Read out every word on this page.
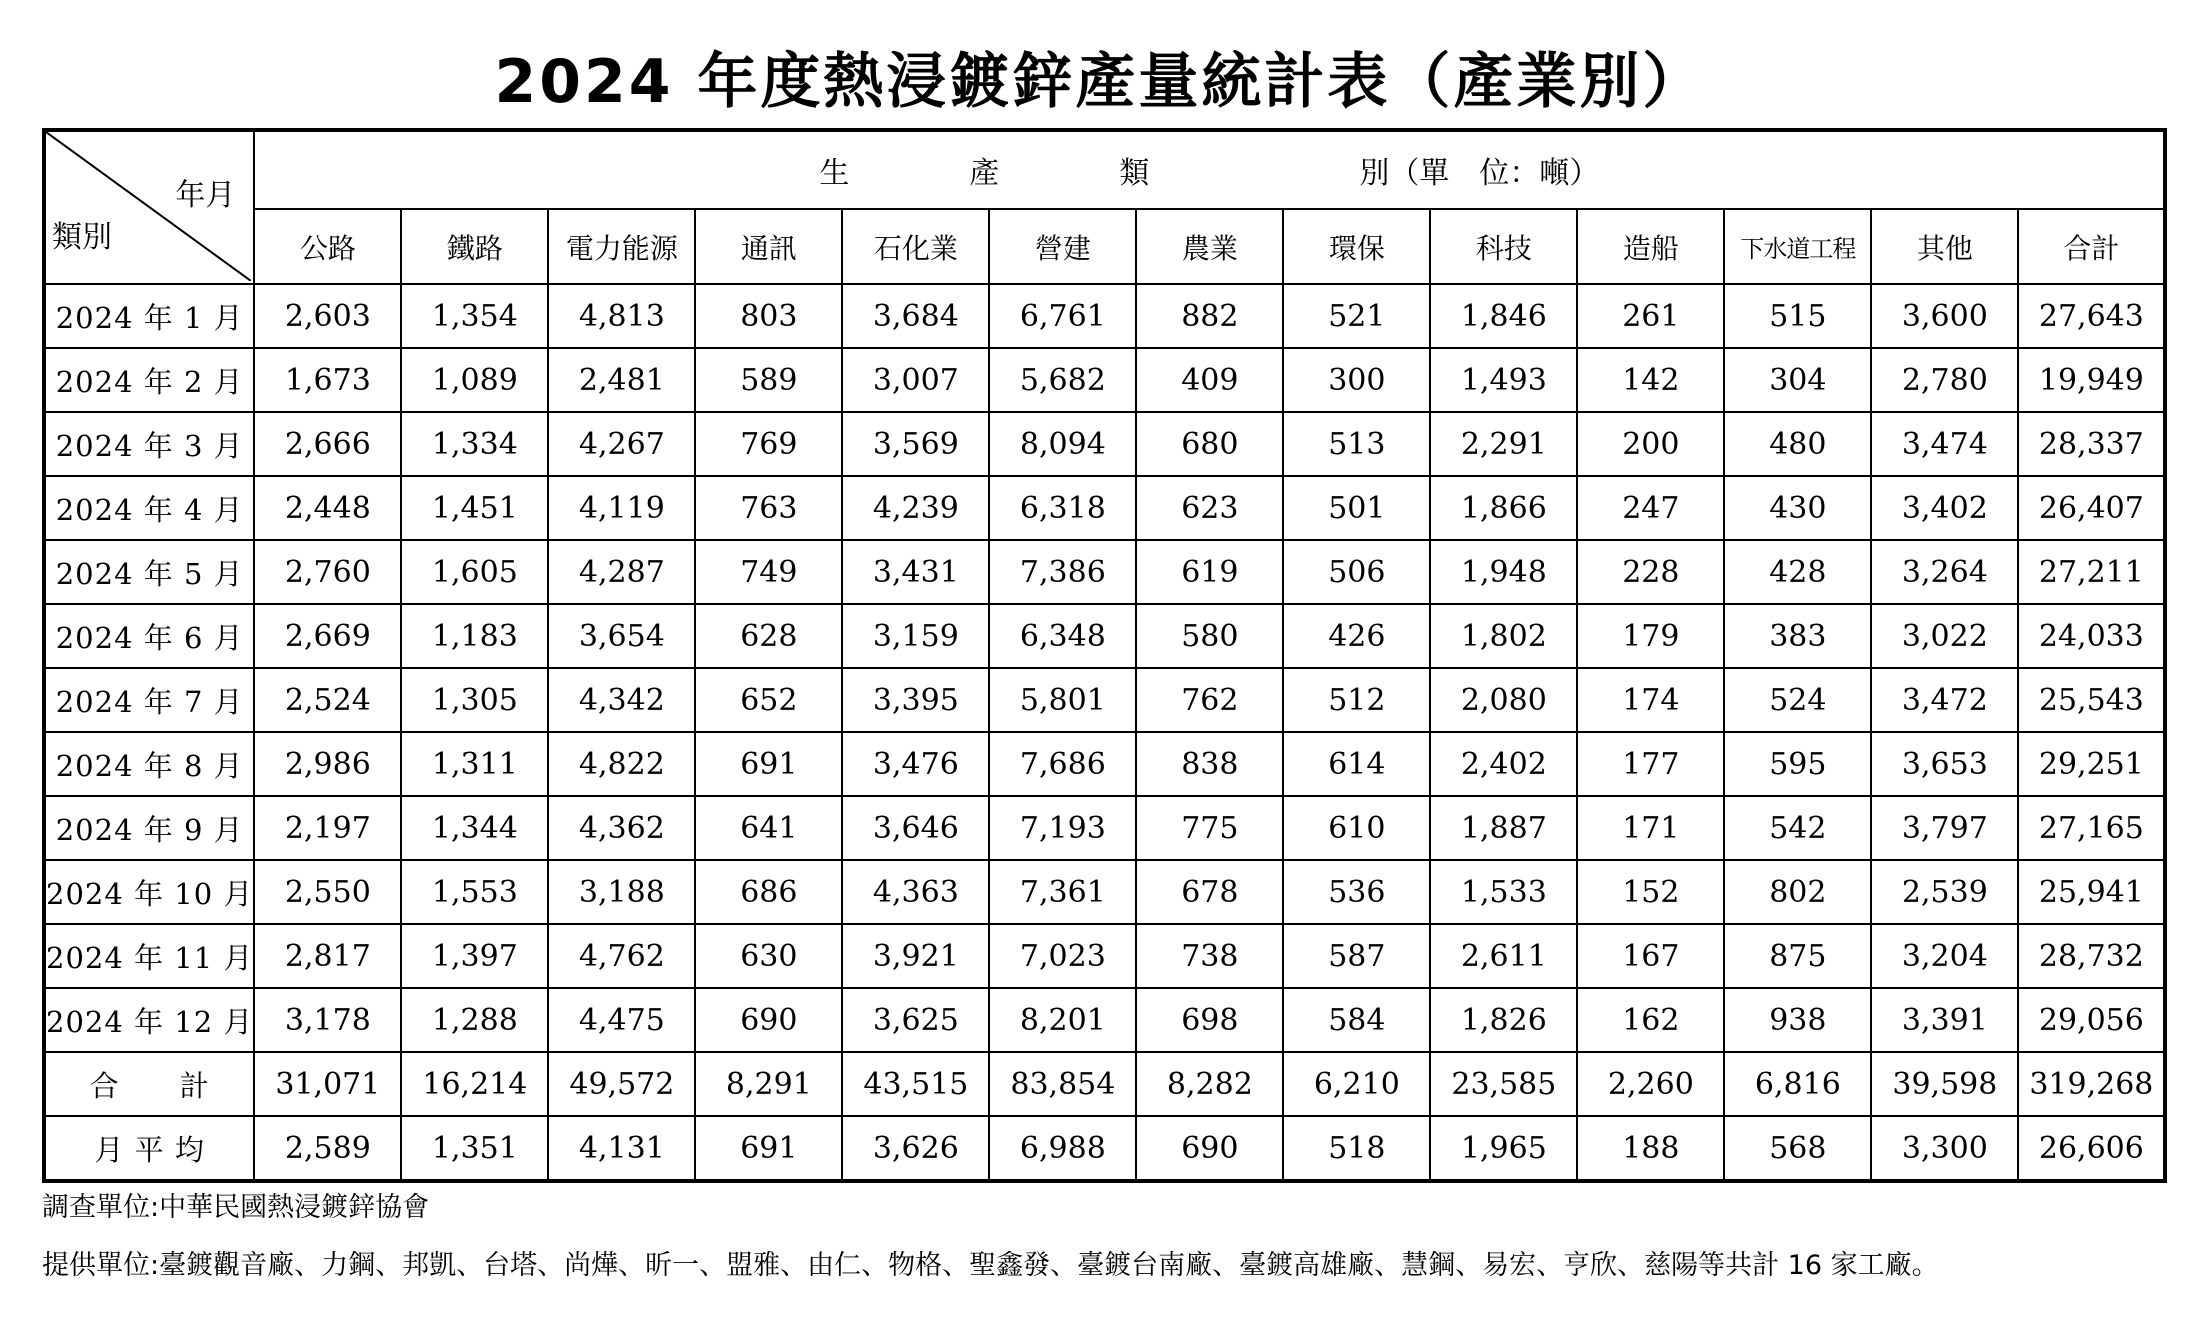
2024 年度熱浸鍍鋅產量統計表（產業別）
年月
類別	生　　　　產　　　　類　　　　　　　別（單　位：噸）												
	公路	鐵路	電力能源	通訊	石化業	營建	農業	環保	科技	造船	下水道工程	其他	合計
2024 年 1 月	2,603	1,354	4,813	803	3,684	6,761	882	521	1,846	261	515	3,600	27,643
2024 年 2 月	1,673	1,089	2,481	589	3,007	5,682	409	300	1,493	142	304	2,780	19,949
2024 年 3 月	2,666	1,334	4,267	769	3,569	8,094	680	513	2,291	200	480	3,474	28,337
2024 年 4 月	2,448	1,451	4,119	763	4,239	6,318	623	501	1,866	247	430	3,402	26,407
2024 年 5 月	2,760	1,605	4,287	749	3,431	7,386	619	506	1,948	228	428	3,264	27,211
2024 年 6 月	2,669	1,183	3,654	628	3,159	6,348	580	426	1,802	179	383	3,022	24,033
2024 年 7 月	2,524	1,305	4,342	652	3,395	5,801	762	512	2,080	174	524	3,472	25,543
2024 年 8 月	2,986	1,311	4,822	691	3,476	7,686	838	614	2,402	177	595	3,653	29,251
2024 年 9 月	2,197	1,344	4,362	641	3,646	7,193	775	610	1,887	171	542	3,797	27,165
2024 年 10 月	2,550	1,553	3,188	686	4,363	7,361	678	536	1,533	152	802	2,539	25,941
2024 年 11 月	2,817	1,397	4,762	630	3,921	7,023	738	587	2,611	167	875	3,204	28,732
2024 年 12 月	3,178	1,288	4,475	690	3,625	8,201	698	584	1,826	162	938	3,391	29,056
合　　計	31,071	16,214	49,572	8,291	43,515	83,854	8,282	6,210	23,585	2,260	6,816	39,598	319,268
月 平 均	2,589	1,351	4,131	691	3,626	6,988	690	518	1,965	188	568	3,300	26,606
調查單位:中華民國熱浸鍍鋅協會
提供單位:臺鍍觀音廠、力鋼、邦凱、台塔、尚燁、昕一、盟雅、由仁、物格、聖鑫發、臺鍍台南廠、臺鍍高雄廠、慧鋼、易宏、亨欣、慈陽等共計 16 家工廠。
